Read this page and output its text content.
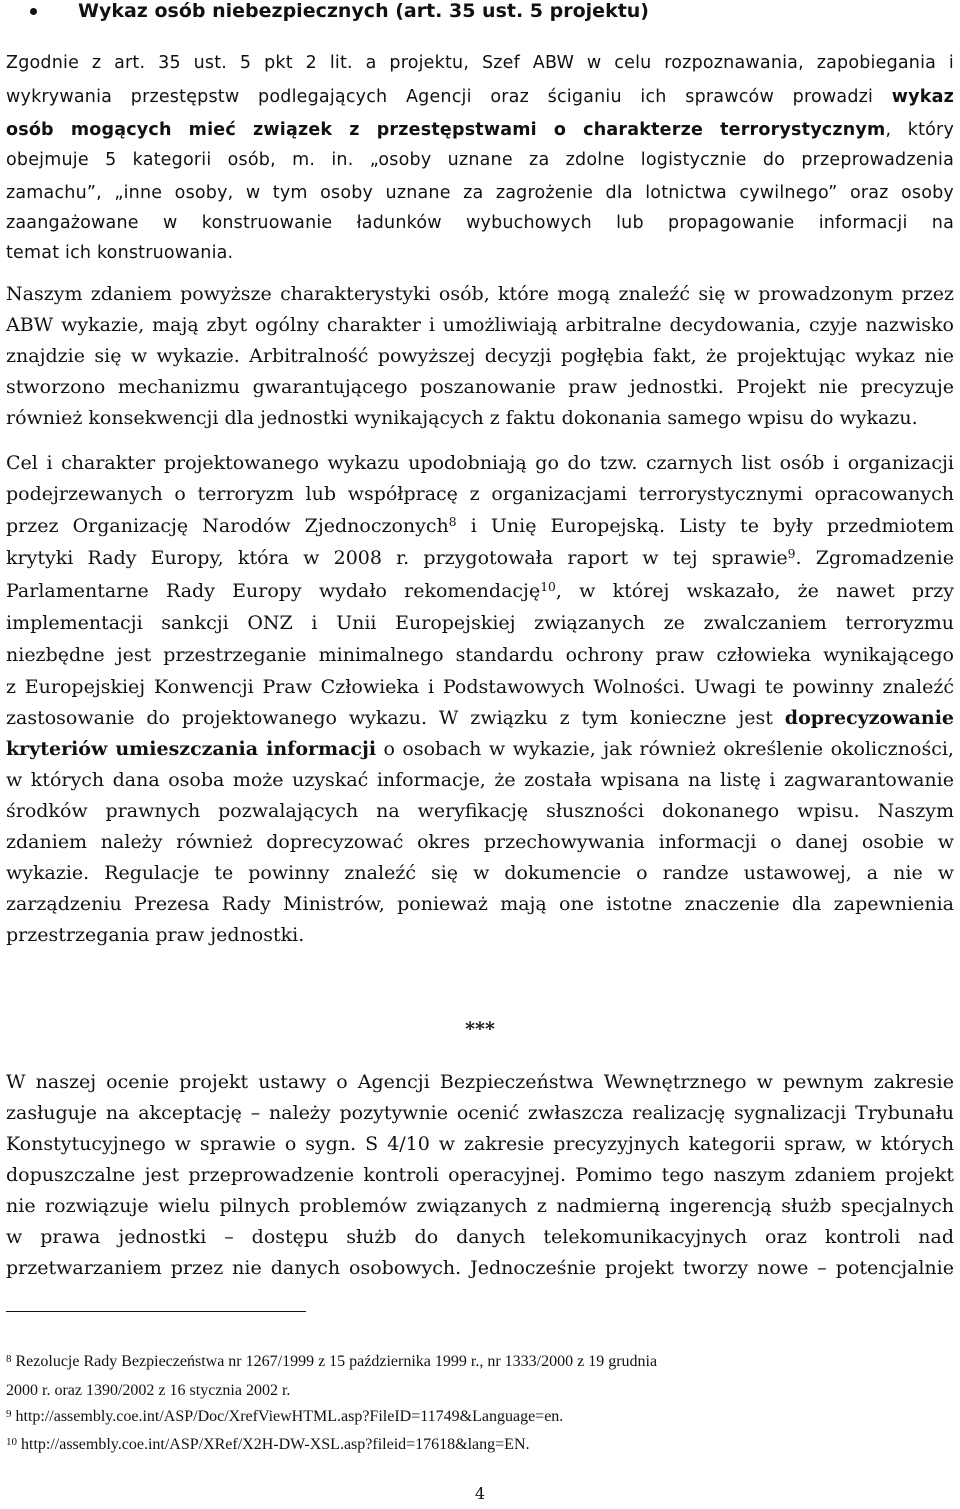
Wykaz osób niebezpiecznych (art. 35 ust. 5 projektu)

Zgodnie z art. 35 ust. 5 pkt 2 lit. a projektu, Szef ABW w celu rozpoznawania, zapobiegania i

wykrywania przestępstw podlegających Agencji oraz ściganiu ich sprawców prowadzi wykaz

osób mogących mieć związek z przestępstwami o charakterze terrorystycznym, który

obejmuje 5 kategorii osób, m. in. „osoby uznane za zdolne logistycznie do przeprowadzenia

zamachu”, „inne osoby, w tym osoby uznane za zagrożenie dla lotnictwa cywilnego” oraz osoby

zaangażowane w konstruowanie ładunków wybuchowych lub propagowanie informacji na

temat ich konstruowania.

Naszym zdaniem powyższe charakterystyki osób, które mogą znaleźć się w prowadzonym przez

ABW wykazie, mają zbyt ogólny charakter i umożliwiają arbitralne decydowania, czyje nazwisko

znajdzie się w wykazie. Arbitralność powyższej decyzji pogłębia fakt, że projektując wykaz nie

stworzono mechanizmu gwarantującego poszanowanie praw jednostki. Projekt nie precyzuje

również konsekwencji dla jednostki wynikających z faktu dokonania samego wpisu do wykazu.

Cel i charakter projektowanego wykazu upodobniają go do tzw. czarnych list osób i organizacji

podejrzewanych o terroryzm lub współpracę z organizacjami terrorystycznymi opracowanych

przez Organizację Narodów Zjednoczonych$^8$ i Unię Europejską. Listy te były przedmiotem

krytyki Rady Europy, która w 2008 r. przygotowała raport w tej sprawie$^9$. Zgromadzenie

Parlamentarne Rady Europy wydało rekomendację$^{10}$, w której wskazało, że nawet przy

implementacji sankcji ONZ i Unii Europejskiej związanych ze zwalczaniem terroryzmu

niezbędne jest przestrzeganie minimalnego standardu ochrony praw człowieka wynikającego

z Europejskiej Konwencji Praw Człowieka i Podstawowych Wolności. Uwagi te powinny znaleźć

zastosowanie do projektowanego wykazu. W związku z tym konieczne jest doprecyzowanie

kryteriów umieszczania informacji o osobach w wykazie, jak również określenie okoliczności,

w których dana osoba może uzyskać informacje, że została wpisana na listę i zagwarantowanie

środków prawnych pozwalających na weryfikację słuszności dokonanego wpisu. Naszym

zdaniem należy również doprecyzować okres przechowywania informacji o danej osobie w

wykazie. Regulacje te powinny znaleźć się w dokumencie o randze ustawowej, a nie w

zarządzeniu Prezesa Rady Ministrów, ponieważ mają one istotne znaczenie dla zapewnienia

przestrzegania praw jednostki.

***

W naszej ocenie projekt ustawy o Agencji Bezpieczeństwa Wewnętrznego w pewnym zakresie

zasługuje na akceptację – należy pozytywnie ocenić zwłaszcza realizację sygnalizacji Trybunału

Konstytucyjnego w sprawie o sygn. S 4/10 w zakresie precyzyjnych kategorii spraw, w których

dopuszczalne jest przeprowadzenie kontroli operacyjnej. Pomimo tego naszym zdaniem projekt

nie rozwiązuje wielu pilnych problemów związanych z nadmierną ingerencją służb specjalnych

w prawa jednostki – dostępu służb do danych telekomunikacyjnych oraz kontroli nad

przetwarzaniem przez nie danych osobowych. Jednocześnie projekt tworzy nowe – potencjalnie

$^8$ Rezolucje Rady Bezpieczeństwa nr 1267/1999 z 15 października 1999 r., nr 1333/2000 z 19 grudnia

2000 r. oraz 1390/2002 z 16 stycznia 2002 r.

$^9$ http://assembly.coe.int/ASP/Doc/XrefViewHTML.asp?FileID=11749&Language=en.

$^{10}$ http://assembly.coe.int/ASP/XRef/X2H-DW-XSL.asp?fileid=17618&lang=EN.

4
